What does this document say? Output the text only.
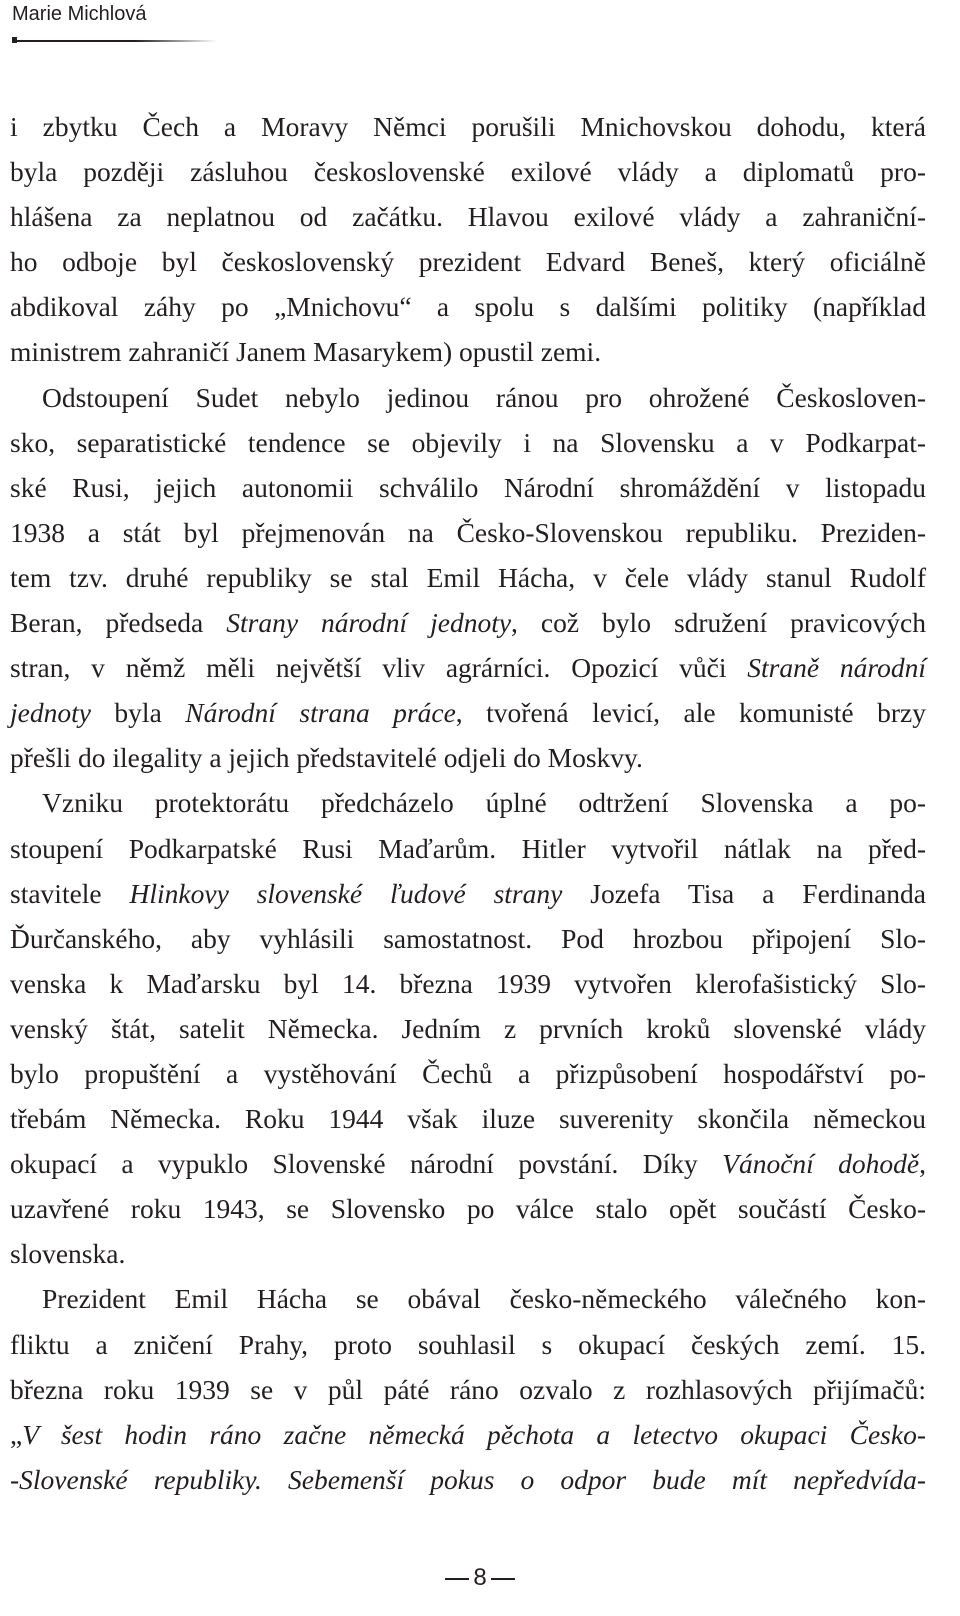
Marie Michlová
i zbytku Čech a Moravy Němci porušili Mnichovskou dohodu, která
byla později zásluhou československé exilové vlády a diplomatů pro-
hlášena za neplatnou od začátku. Hlavou exilové vlády a zahraniční-
ho odboje byl československý prezident Edvard Beneš, který oficiálně
abdikoval záhy po „Mnichovu“ a spolu s dalšími politiky (například
ministrem zahraničí Janem Masarykem) opustil zemi.
Odstoupení Sudet nebylo jedinou ránou pro ohrožené Českosloven-
sko, separatistické tendence se objevily i na Slovensku a v Podkarpat-
ské Rusi, jejich autonomii schválilo Národní shromáždění v listopadu
1938 a stát byl přejmenován na Česko-Slovenskou republiku. Preziden-
tem tzv. druhé republiky se stal Emil Hácha, v čele vlády stanul Rudolf
Beran, předseda Strany národní jednoty, což bylo sdružení pravicových
stran, v němž měli největší vliv agrárníci. Opozicí vůči Straně národní
jednoty byla Národní strana práce, tvořená levicí, ale komunisté brzy
přešli do ilegality a jejich představitelé odjeli do Moskvy.
Vzniku protektorátu předcházelo úplné odtržení Slovenska a po-
stoupení Podkarpatské Rusi Maďarům. Hitler vytvořil nátlak na před-
stavitele Hlinkovy slovenské ľudové strany Jozefa Tisa a Ferdinanda
Ďurčanského, aby vyhlásili samostatnost. Pod hrozbou připojení Slo-
venska k Maďarsku byl 14. března 1939 vytvořen klerofašistický Slo-
venský štát, satelit Německa. Jedním z prvních kroků slovenské vlády
bylo propuštění a vystěhování Čechů a přizpůsobení hospodářství po-
třebám Německa. Roku 1944 však iluze suverenity skončila německou
okupací a vypuklo Slovenské národní povstání. Díky Vánoční dohodě,
uzavřené roku 1943, se Slovensko po válce stalo opět součástí Česko-
slovenska.
Prezident Emil Hácha se obával česko-německého válečného kon-
fliktu a zničení Prahy, proto souhlasil s okupací českých zemí. 15.
března roku 1939 se v půl páté ráno ozvalo z rozhlasových přijímačů:
„V šest hodin ráno začne německá pěchota a letectvo okupaci Česko-
-Slovenské republiky. Sebemenší pokus o odpor bude mít nepředvída-
8
